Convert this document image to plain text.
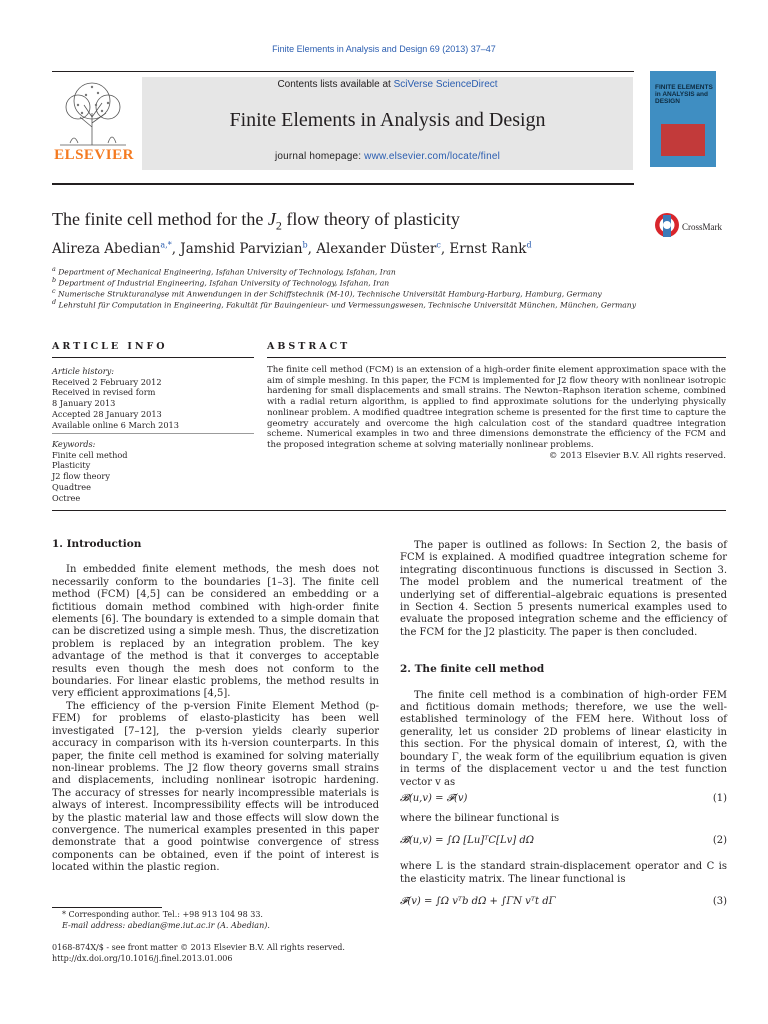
Finite Elements in Analysis and Design 69 (2013) 37–47
ELSEVIER
Contents lists available at SciVerse ScienceDirect
Finite Elements in Analysis and Design
journal homepage: www.elsevier.com/locate/finel
FINITE ELEMENTS in ANALYSIS and DESIGN
The finite cell method for the $J_2$ flow theory of plasticity	CrossMark
Alireza Abedian$^{a,*}$, Jamshid Parvizian$^b$, Alexander Düster$^c$, Ernst Rank$^d$
$^a$ Department of Mechanical Engineering, Isfahan University of Technology, Isfahan, Iran
$^b$ Department of Industrial Engineering, Isfahan University of Technology, Isfahan, Iran
$^c$ Numerische Strukturanalyse mit Anwendungen in der Schiffstechnik (M-10), Technische Universität Hamburg-Harburg, Hamburg, Germany
$^d$ Lehrstuhl für Computation in Engineering, Fakultät für Bauingenieur- und Vermessungswesen, Technische Universität München, München, Germany
ARTICLE INFO	ABSTRACT
Article history:
Received 2 February 2012
Received in revised form
8 January 2013
Accepted 28 January 2013
Available online 6 March 2013
Keywords:
Finite cell method
Plasticity
J2 flow theory
Quadtree
Octree
The finite cell method (FCM) is an extension of a high-order finite element approximation space with the aim of simple meshing. In this paper, the FCM is implemented for J2 flow theory with nonlinear isotropic hardening for small displacements and small strains. The Newton–Raphson iteration scheme, combined with a radial return algorithm, is applied to find approximate solutions for the underlying physically nonlinear problem. A modified quadtree integration scheme is presented for the first time to capture the geometry accurately and overcome the high calculation cost of the standard quadtree integration scheme. Numerical examples in two and three dimensions demonstrate the efficiency of the FCM and the proposed integration scheme at solving materially nonlinear problems.
© 2013 Elsevier B.V. All rights reserved.
1. Introduction

In embedded finite element methods, the mesh does not necessarily conform to the boundaries [1–3]. The finite cell method (FCM) [4,5] can be considered an embedding or a fictitious domain method combined with high-order finite elements [6]. The boundary is extended to a simple domain that can be discretized using a simple mesh. Thus, the discretization problem is replaced by an integration problem. The key advantage of the method is that it converges to acceptable results even though the mesh does not conform to the boundaries. For linear elastic problems, the method results in very efficient approximations [4,5].

The efficiency of the p-version Finite Element Method (p-FEM) for problems of elasto-plasticity has been well investigated [7–12], the p-version yields clearly superior accuracy in comparison with its h-version counterparts. In this paper, the finite cell method is examined for solving materially non-linear problems. The J2 flow theory governs small strains and displacements, including nonlinear isotropic hardening. The accuracy of stresses for nearly incompressible materials is always of interest. Incompressibility effects will be introduced by the plastic material law and those effects will slow down the convergence. The numerical examples presented in this paper demonstrate that a good pointwise convergence of stress components can be obtained, even if the point of interest is located within the plastic region.

The paper is outlined as follows: In Section 2, the basis of FCM is explained. A modified quadtree integration scheme for integrating discontinuous functions is discussed in Section 3. The model problem and the numerical treatment of the underlying set of differential–algebraic equations is presented in Section 4. Section 5 presents numerical examples used to evaluate the proposed integration scheme and the efficiency of the FCM for the J2 plasticity. The paper is then concluded.

2. The finite cell method

The finite cell method is a combination of high-order FEM and fictitious domain methods; therefore, we use the well-established terminology of the FEM here. Without loss of generality, let us consider 2D problems of linear elasticity in this section. For the physical domain of interest, Ω, with the boundary Γ, the weak form of the equilibrium equation is given in terms of the displacement vector u and the test function vector v as

𝓑(u,v) = 𝓕(v)	(1)

where the bilinear functional is

𝓑(u,v) = ∫Ω [Lu]ᵀC[Lv] dΩ	(2)

where L is the standard strain-displacement operator and C is the elasticity matrix. The linear functional is

𝓕(v) = ∫Ω vᵀb dΩ + ∫ΓN vᵀt dΓ	(3)
* Corresponding author. Tel.: +98 913 104 98 33.
E-mail address: abedian@me.iut.ac.ir (A. Abedian).
0168-874X/$ - see front matter © 2013 Elsevier B.V. All rights reserved.
http://dx.doi.org/10.1016/j.finel.2013.01.006
